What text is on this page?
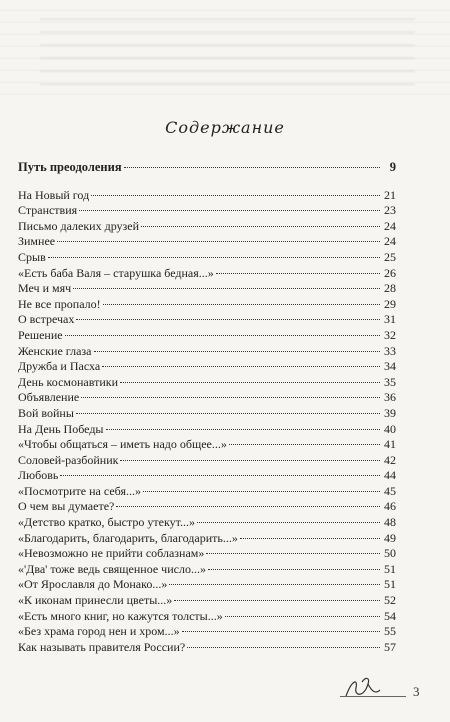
Содержание
Путь преодоления	9
На Новый год	21
Странствия	23
Письмо далеких друзей	24
Зимнее	24
Срыв	25
«Есть баба Валя – старушка бедная...»	26
Меч и мяч	28
Не все пропало!	29
О встречах	31
Решение	32
Женские глаза	33
Дружба и Пасха	34
День космонавтики	35
Объявление	36
Вой войны	39
На День Победы	40
«Чтобы общаться – иметь надо общее...»	41
Соловей-разбойник	42
Любовь	44
«Посмотрите на себя...»	45
О чем вы думаете?	46
«Детство кратко, быстро утекут...»	48
«Благодарить, благодарить, благодарить...»	49
«Невозможно не прийти соблазнам»	50
«'Два' тоже ведь священное число...»	51
«От Ярославля до Монако...»	51
«К иконам принесли цветы...»	52
«Есть много книг, но кажутся толсты...»	54
«Без храма город нен и хром...»	55
Как называть правителя России?	57
3
